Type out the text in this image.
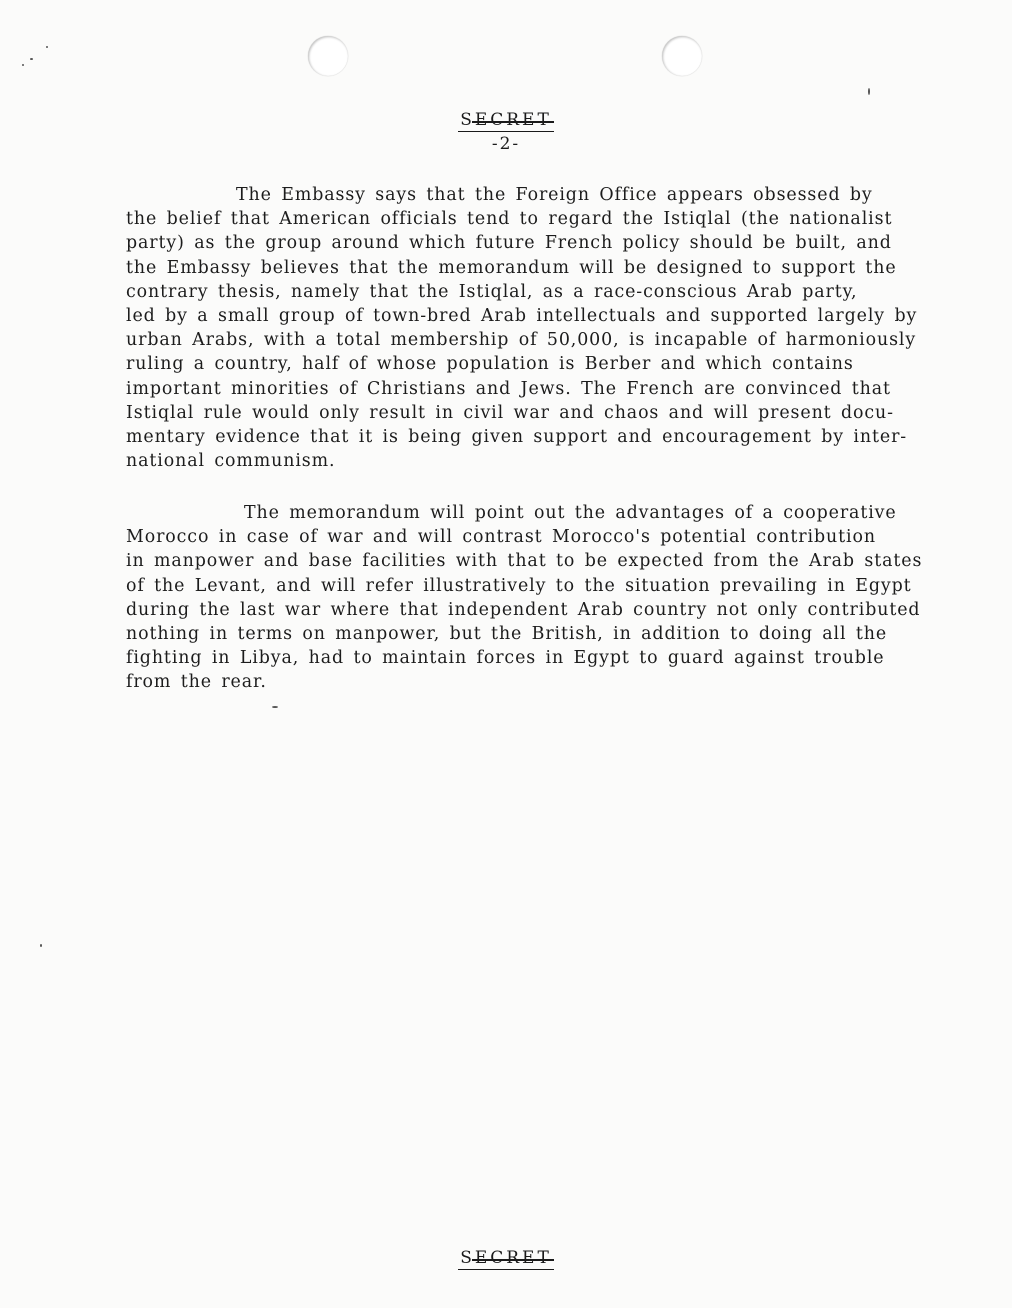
SECRET
-2-
The Embassy says that the Foreign Office appears obsessed by
the belief that American officials tend to regard the Istiqlal (the nationalist
party) as the group around which future French policy should be built, and
the Embassy believes that the memorandum will be designed to support the
contrary thesis, namely that the Istiqlal, as a race-conscious Arab party,
led by a small group of town-bred Arab intellectuals and supported largely by
urban Arabs, with a total membership of 50,000, is incapable of harmoniously
ruling a country, half of whose population is Berber and which contains
important minorities of Christians and Jews. The French are convinced that
Istiqlal rule would only result in civil war and chaos and will present docu-
mentary evidence that it is being given support and encouragement by inter-
national communism.
The memorandum will point out the advantages of a cooperative
Morocco in case of war and will contrast Morocco's potential contribution
in manpower and base facilities with that to be expected from the Arab states
of the Levant, and will refer illustratively to the situation prevailing in Egypt
during the last war where that independent Arab country not only contributed
nothing in terms on manpower, but the British, in addition to doing all the
fighting in Libya, had to maintain forces in Egypt to guard against trouble
from the rear.
SECRET
